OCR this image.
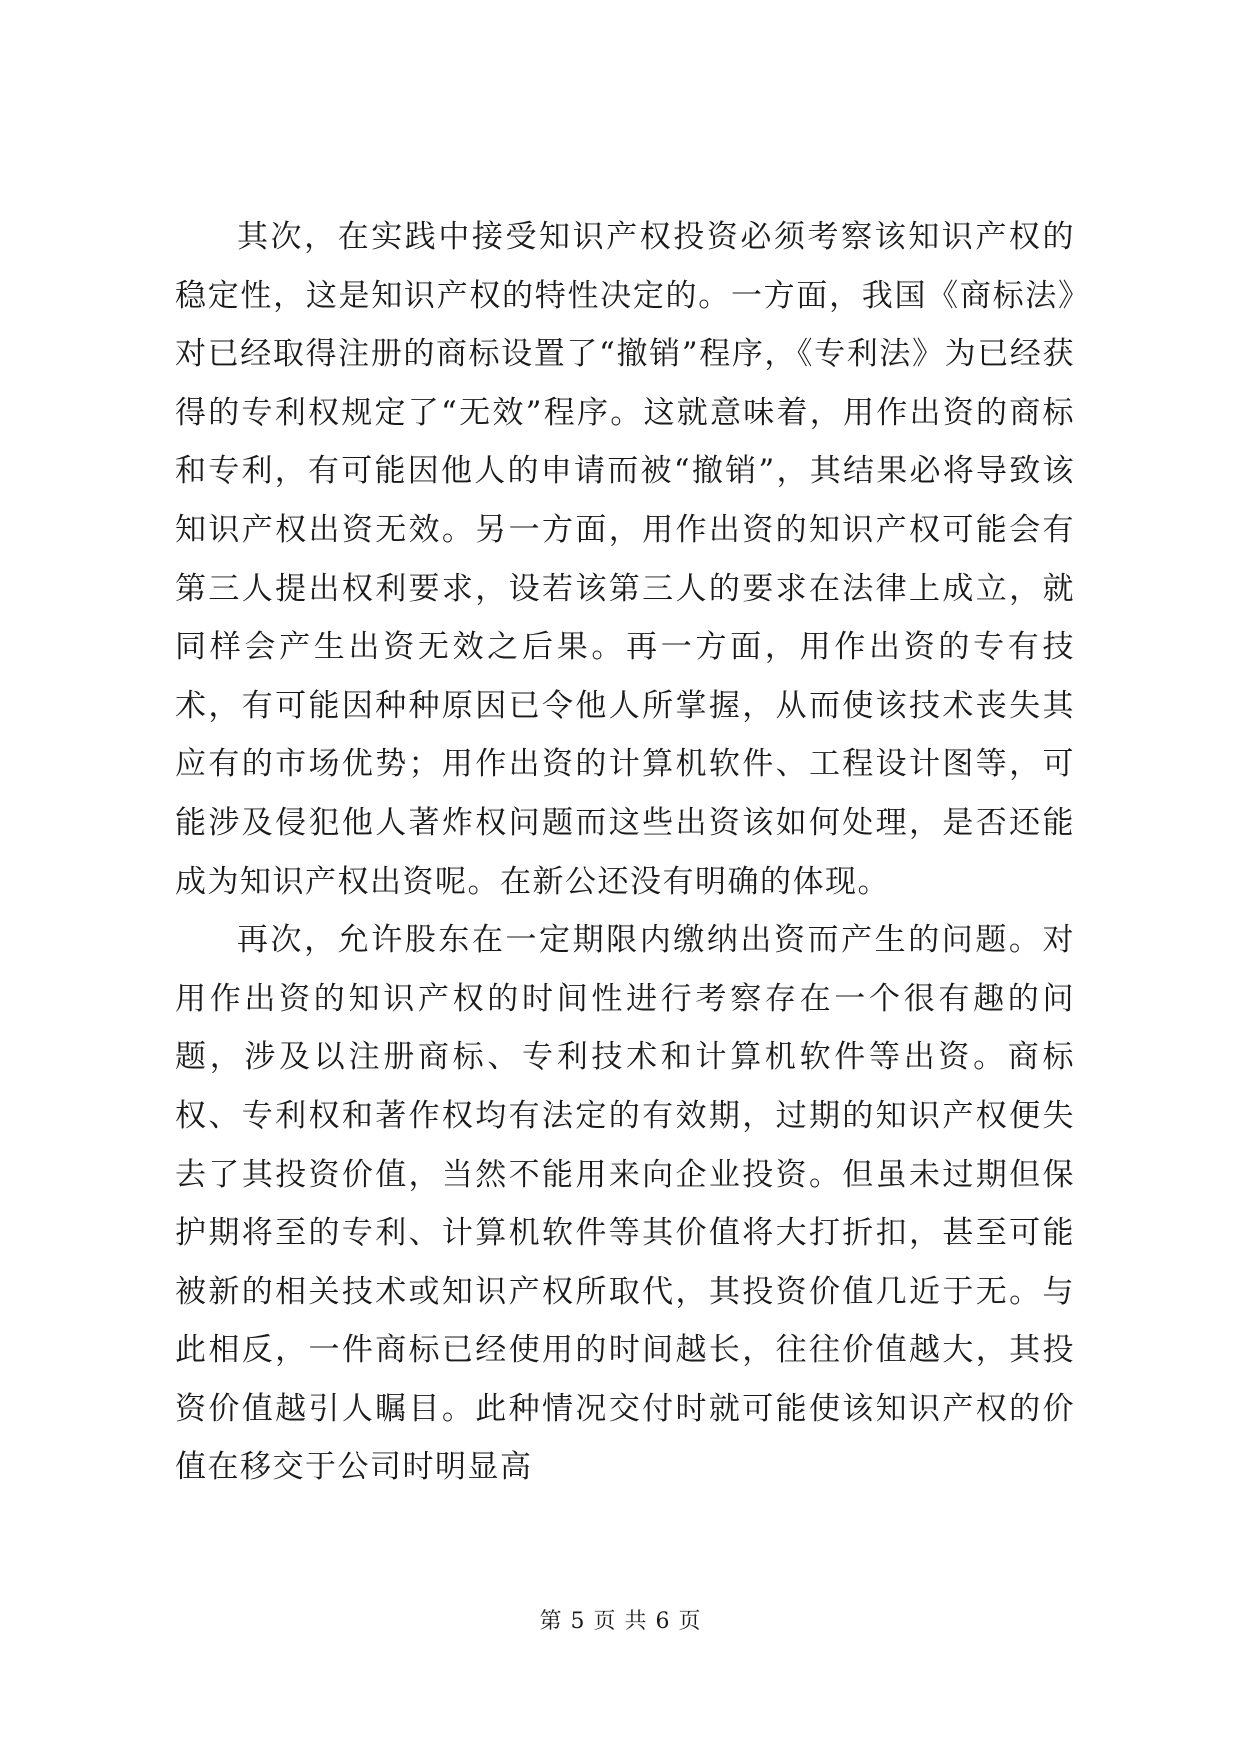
其次，在实践中接受知识产权投资必须考察该知识产权的稳定性，这是知识产权的特性决定的。一方面，我国《商标法》对已经取得注册的商标设置了“撤销”程序，《专利法》为已经获得的专利权规定了“无效”程序。这就意味着，用作出资的商标和专利，有可能因他人的申请而被“撤销”，其结果必将导致该知识产权出资无效。另一方面，用作出资的知识产权可能会有第三人提出权利要求，设若该第三人的要求在法律上成立，就同样会产生出资无效之后果。再一方面，用作出资的专有技术，有可能因种种原因已令他人所掌握，从而使该技术丧失其应有的市场优势；用作出资的计算机软件、工程设计图等，可能涉及侵犯他人著炸权问题而这些出资该如何处理，是否还能成为知识产权出资呢。在新公还没有明确的体现。

再次，允许股东在一定期限内缴纳出资而产生的问题。对用作出资的知识产权的时间性进行考察存在一个很有趣的问题，涉及以注册商标、专利技术和计算机软件等出资。商标权、专利权和著作权均有法定的有效期，过期的知识产权便失去了其投资价值，当然不能用来向企业投资。但虽未过期但保护期将至的专利、计算机软件等其价值将大打折扣，甚至可能被新的相关技术或知识产权所取代，其投资价值几近于无。与此相反，一件商标已经使用的时间越长，往往价值越大，其投资价值越引人瞩目。此种情况交付时就可能使该知识产权的价值在移交于公司时明显高

第 5 页 共 6 页
